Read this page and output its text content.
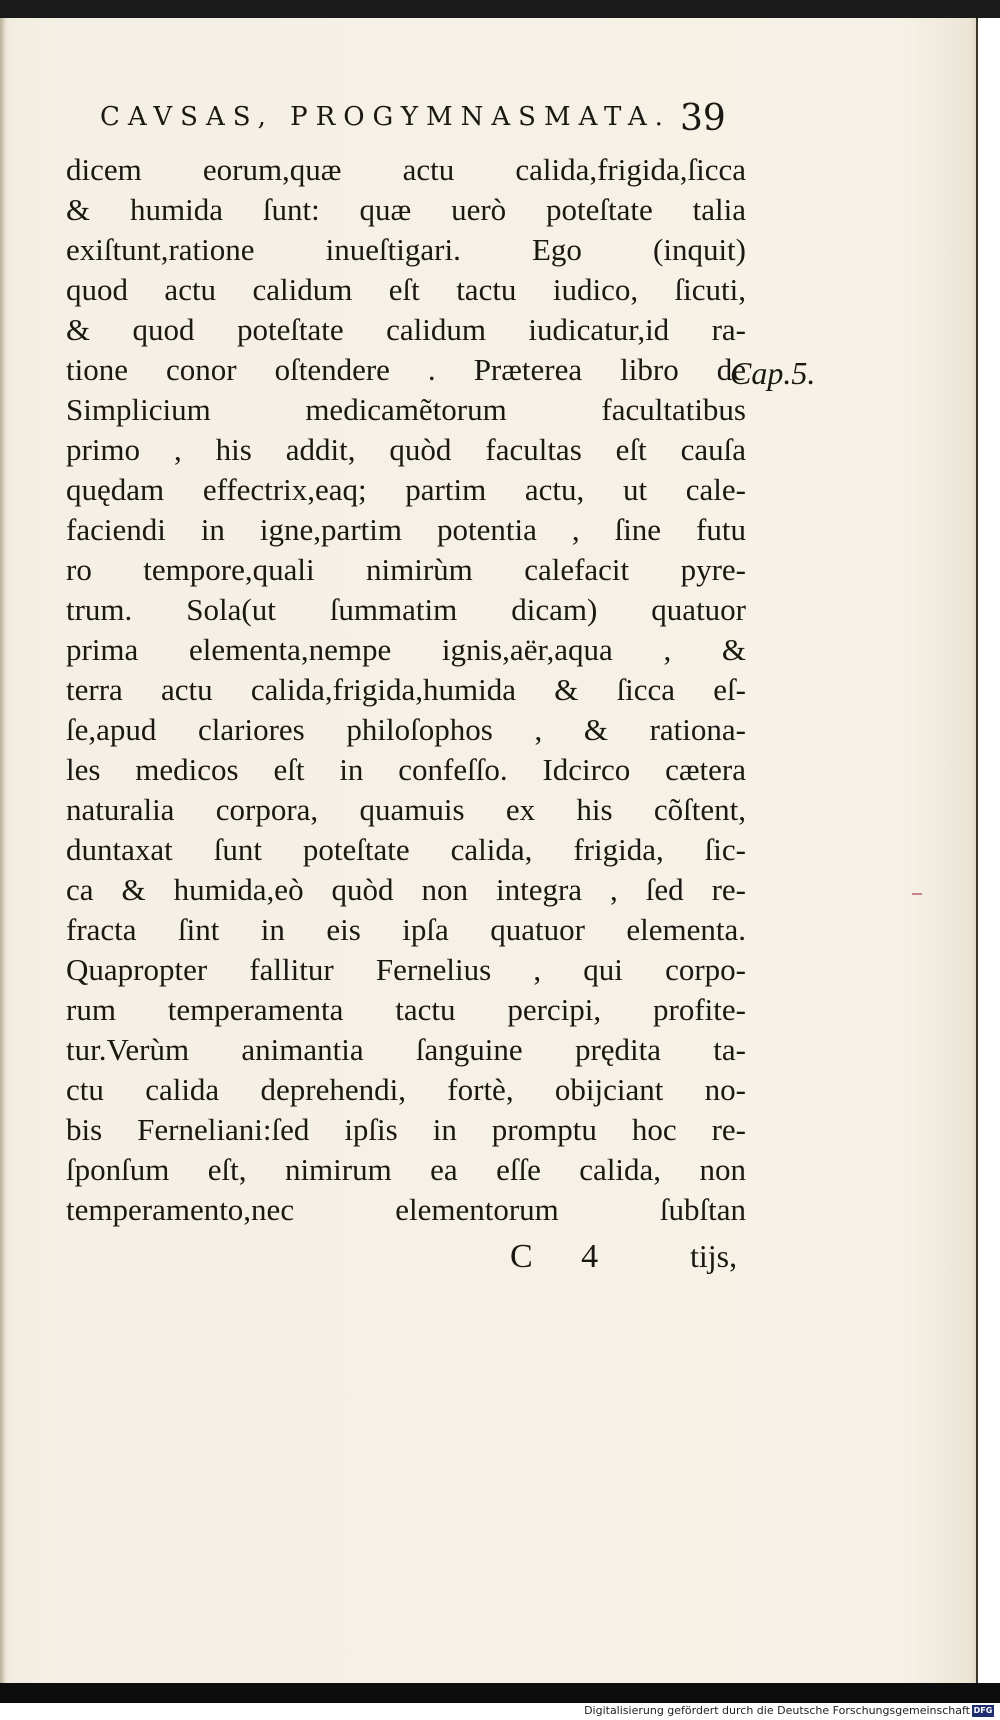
CAVSAS, PROGYMNASMATA. 39
dicem eorum,quæ actu calida,frigida,ſicca
& humida ſunt: quæ uerò poteſtate talia
exiſtunt,ratione inueſtigari. Ego (inquit)
quod actu calidum eſt tactu iudico, ſicuti,
& quod poteſtate calidum iudicatur,id ra-
tione conor oſtendere . Præterea libro de
Simplicium medicamẽtorum facultatibus
primo , his addit, quòd facultas eſt cauſa
quędam effectrix,eaq; partim actu, ut cale-
faciendi in igne,partim potentia , ſine futu
ro tempore,quali nimirùm calefacit pyre-
trum. Sola(ut ſummatim dicam) quatuor
prima elementa,nempe ignis,aër,aqua , &
terra actu calida,frigida,humida & ſicca eſ-
ſe,apud clariores philoſophos , & rationa-
les medicos eſt in confeſſo. Idcirco cætera
naturalia corpora, quamuis ex his cõſtent,
duntaxat ſunt poteſtate calida, frigida, ſic-
ca & humida,eò quòd non integra , ſed re-
fracta ſint in eis ipſa quatuor elementa.
Quapropter fallitur Fernelius , qui corpo-
rum temperamenta tactu percipi, profite-
tur.Verùm animantia ſanguine prędita ta-
ctu calida deprehendi, fortè, obijciant no-
bis Ferneliani:ſed ipſis in promptu hoc re-
ſponſum eſt, nimirum ea eſſe calida, non
temperamento,nec elementorum ſubſtan
Cap.5.
C 4 tijs,
Digitalisierung gefördert durch die Deutsche Forschungsgemeinschaft DFG
